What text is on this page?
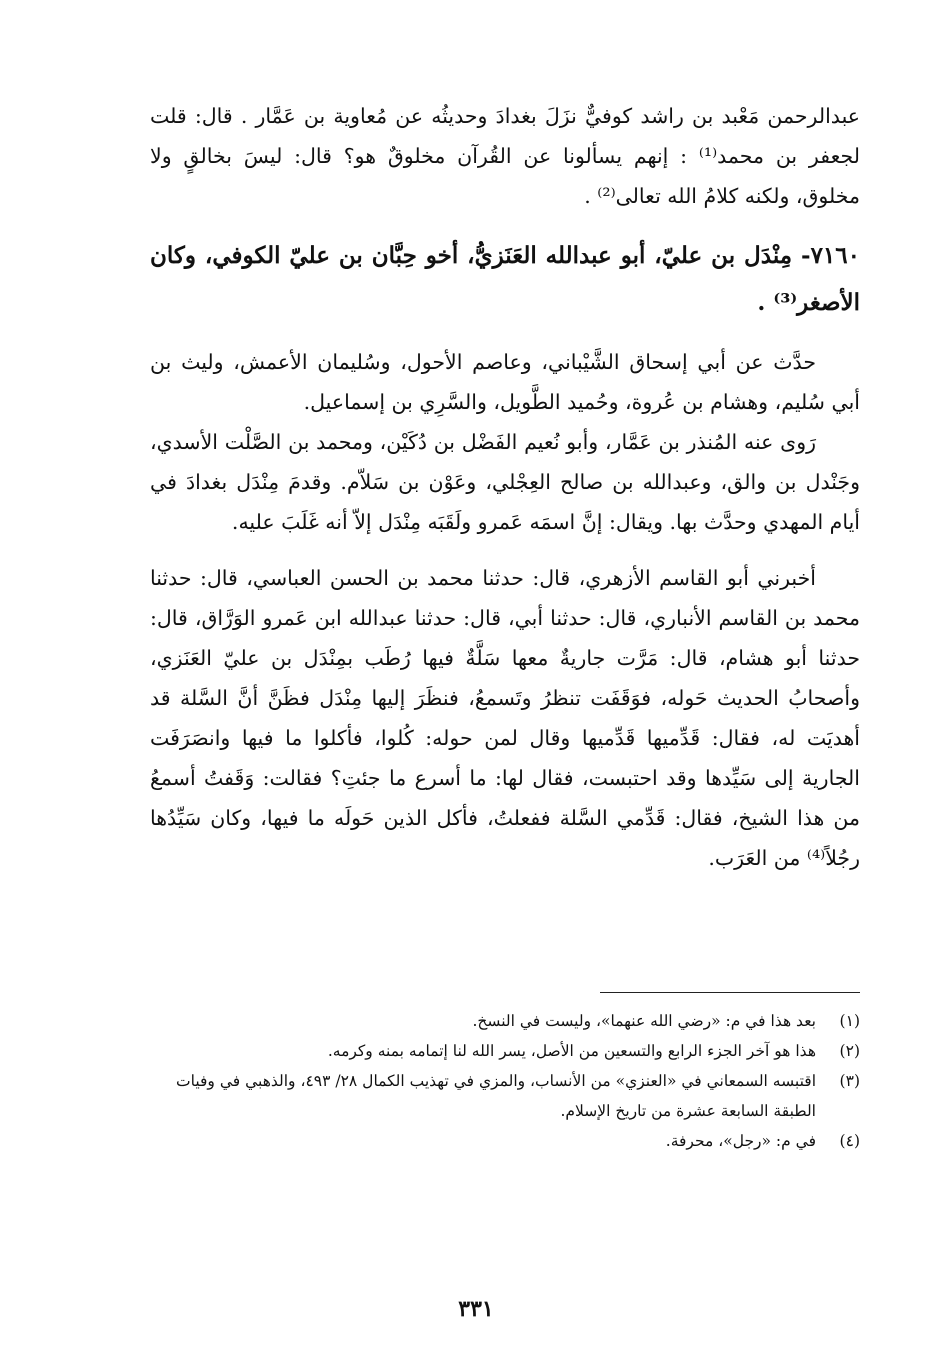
عبدالرحمن مَعْبد بن راشد كوفيٌّ نزَلَ بغدادَ وحديثُه عن مُعاوية بن عَمَّار . قال: قلت لجعفر بن محمد⁽¹⁾ : إنهم يسألونا عن القُرآن مخلوقٌ هو؟ قال: ليسَ بخالقٍ ولا مخلوق، ولكنه كلامُ الله تعالى⁽²⁾ .

٧١٦٠- مِنْدَل بن عليّ، أبو عبدالله العَنَزيُّ، أخو حِبَّان بن عليّ الكوفي، وكان الأصغر⁽³⁾ .

حدَّث عن أبي إسحاق الشَّيْباني، وعاصم الأحول، وسُليمان الأعمش، وليث بن أبي سُليم، وهشام بن عُروة، وحُميد الطَّويل، والسَّرِي بن إسماعيل.

رَوى عنه المُنذر بن عَمَّار، وأبو نُعيم الفَضْل بن دُكَيْن، ومحمد بن الصَّلْت الأسدي، وجَنْدل بن والق، وعبدالله بن صالح العِجْلي، وعَوْن بن سَلاّم. وقدمَ مِنْدَل بغدادَ في أيام المهدي وحدَّث بها. ويقال: إنَّ اسمَه عَمرو ولَقَبَه مِنْدَل إلاّ أنه غَلَبَ عليه.

أخبرني أبو القاسم الأزهري، قال: حدثنا محمد بن الحسن العباسي، قال: حدثنا محمد بن القاسم الأنباري، قال: حدثنا أبي، قال: حدثنا عبدالله ابن عَمرو الوَرَّاق، قال: حدثنا أبو هشام، قال: مَرَّت جاريةٌ معها سَلَّةٌ فيها رُطَب بمِنْدَل بن عليّ العَنَزي، وأصحابُ الحديث حَوله، فوَقَفَت تنظرُ وتَسمعُ، فنظَرَ إليها مِنْدَل فظَنَّ أنَّ السَّلة قد أهديَت له، فقال: قَدِّميها قَدِّميها وقال لمن حوله: كُلوا، فأكلوا ما فيها وانصَرَفَت الجارية إلى سَيِّدها وقد احتبست، فقال لها: ما أسرع ما جئتِ؟ فقالت: وَقَفتُ أسمعُ من هذا الشيخ، فقال: قَدِّمي السَّلة ففعلتُ، فأكل الذين حَولَه ما فيها، وكان سَيِّدُها رجُلاً⁽⁴⁾ من العَرَب.

(١)
بعد هذا في م: «رضي الله عنهما»، وليست في النسخ.

(٢)
هذا هو آخر الجزء الرابع والتسعين من الأصل، يسر الله لنا إتمامه بمنه وكرمه.

(٣)
اقتبسه السمعاني في «العنزي» من الأنساب، والمزي في تهذيب الكمال ٢٨/ ٤٩٣، والذهبي في وفيات الطبقة السابعة عشرة من تاريخ الإسلام.

(٤)
في م: «رجل»، محرفة.

٣٣١
